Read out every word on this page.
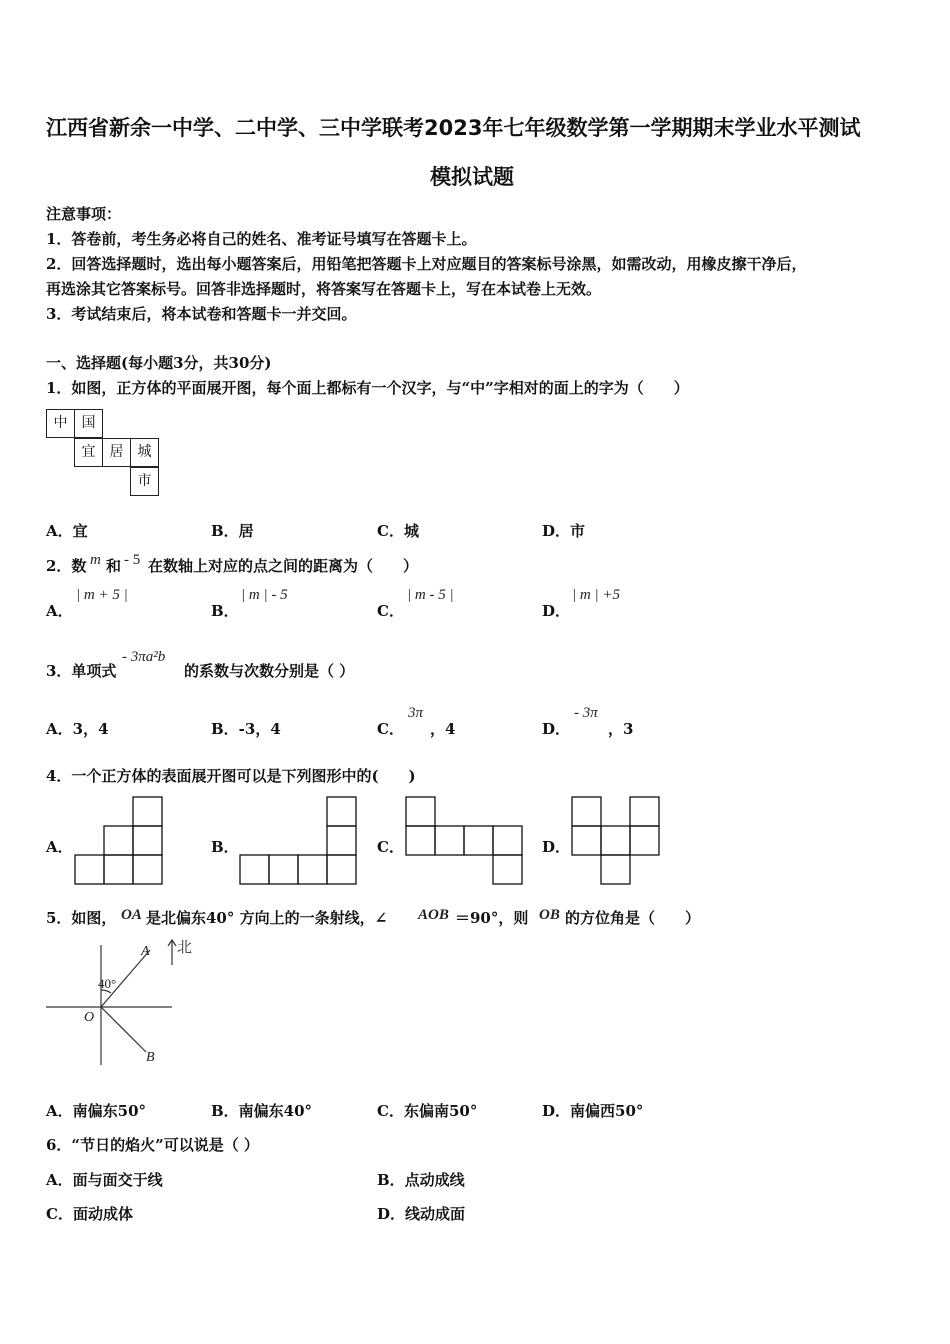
江西省新余一中学、二中学、三中学联考2023年七年级数学第一学期期末学业水平测试
模拟试题
注意事项：
1．答卷前，考生务必将自己的姓名、准考证号填写在答题卡上。
2．回答选择题时，选出每小题答案后，用铅笔把答题卡上对应题目的答案标号涂黑，如需改动，用橡皮擦干净后，
再选涂其它答案标号。回答非选择题时，将答案写在答题卡上，写在本试卷上无效。
3．考试结束后，将本试卷和答题卡一并交回。
一、选择题(每小题3分，共30分)
1．如图，正方体的平面展开图，每个面上都标有一个汉字，与“中”字相对的面上的字为（　　）
中	国
宜	居	城
市
A．宜	B．居	C．城	D．市
2．数 m 和 - 5 在数轴上对应的点之间的距离为（　　）
A．
| m + 5 |
B．
| m | - 5
C．
| m - 5 |
D．
| m | +5
3．单项式
- 3πa²b
的系数与次数分别是（ ）
A．3，4	B．-3，4	C．
3π
，4	D．
- 3π
，3
4．一个正方体的表面展开图可以是下列图形中的(　　)
A．	B．	C．	D．
5．如图， OA 是北偏东40° 方向上的一条射线，∠ AOB ＝90°，则 OB 的方位角是（　　）
北
A
B
O
40°
A．南偏东50°	B．南偏东40°	C．东偏南50°	D．南偏西50°
6．“节日的焰火”可以说是（ ）
A．面与面交于线	B．点动成线
C．面动成体	D．线动成面
